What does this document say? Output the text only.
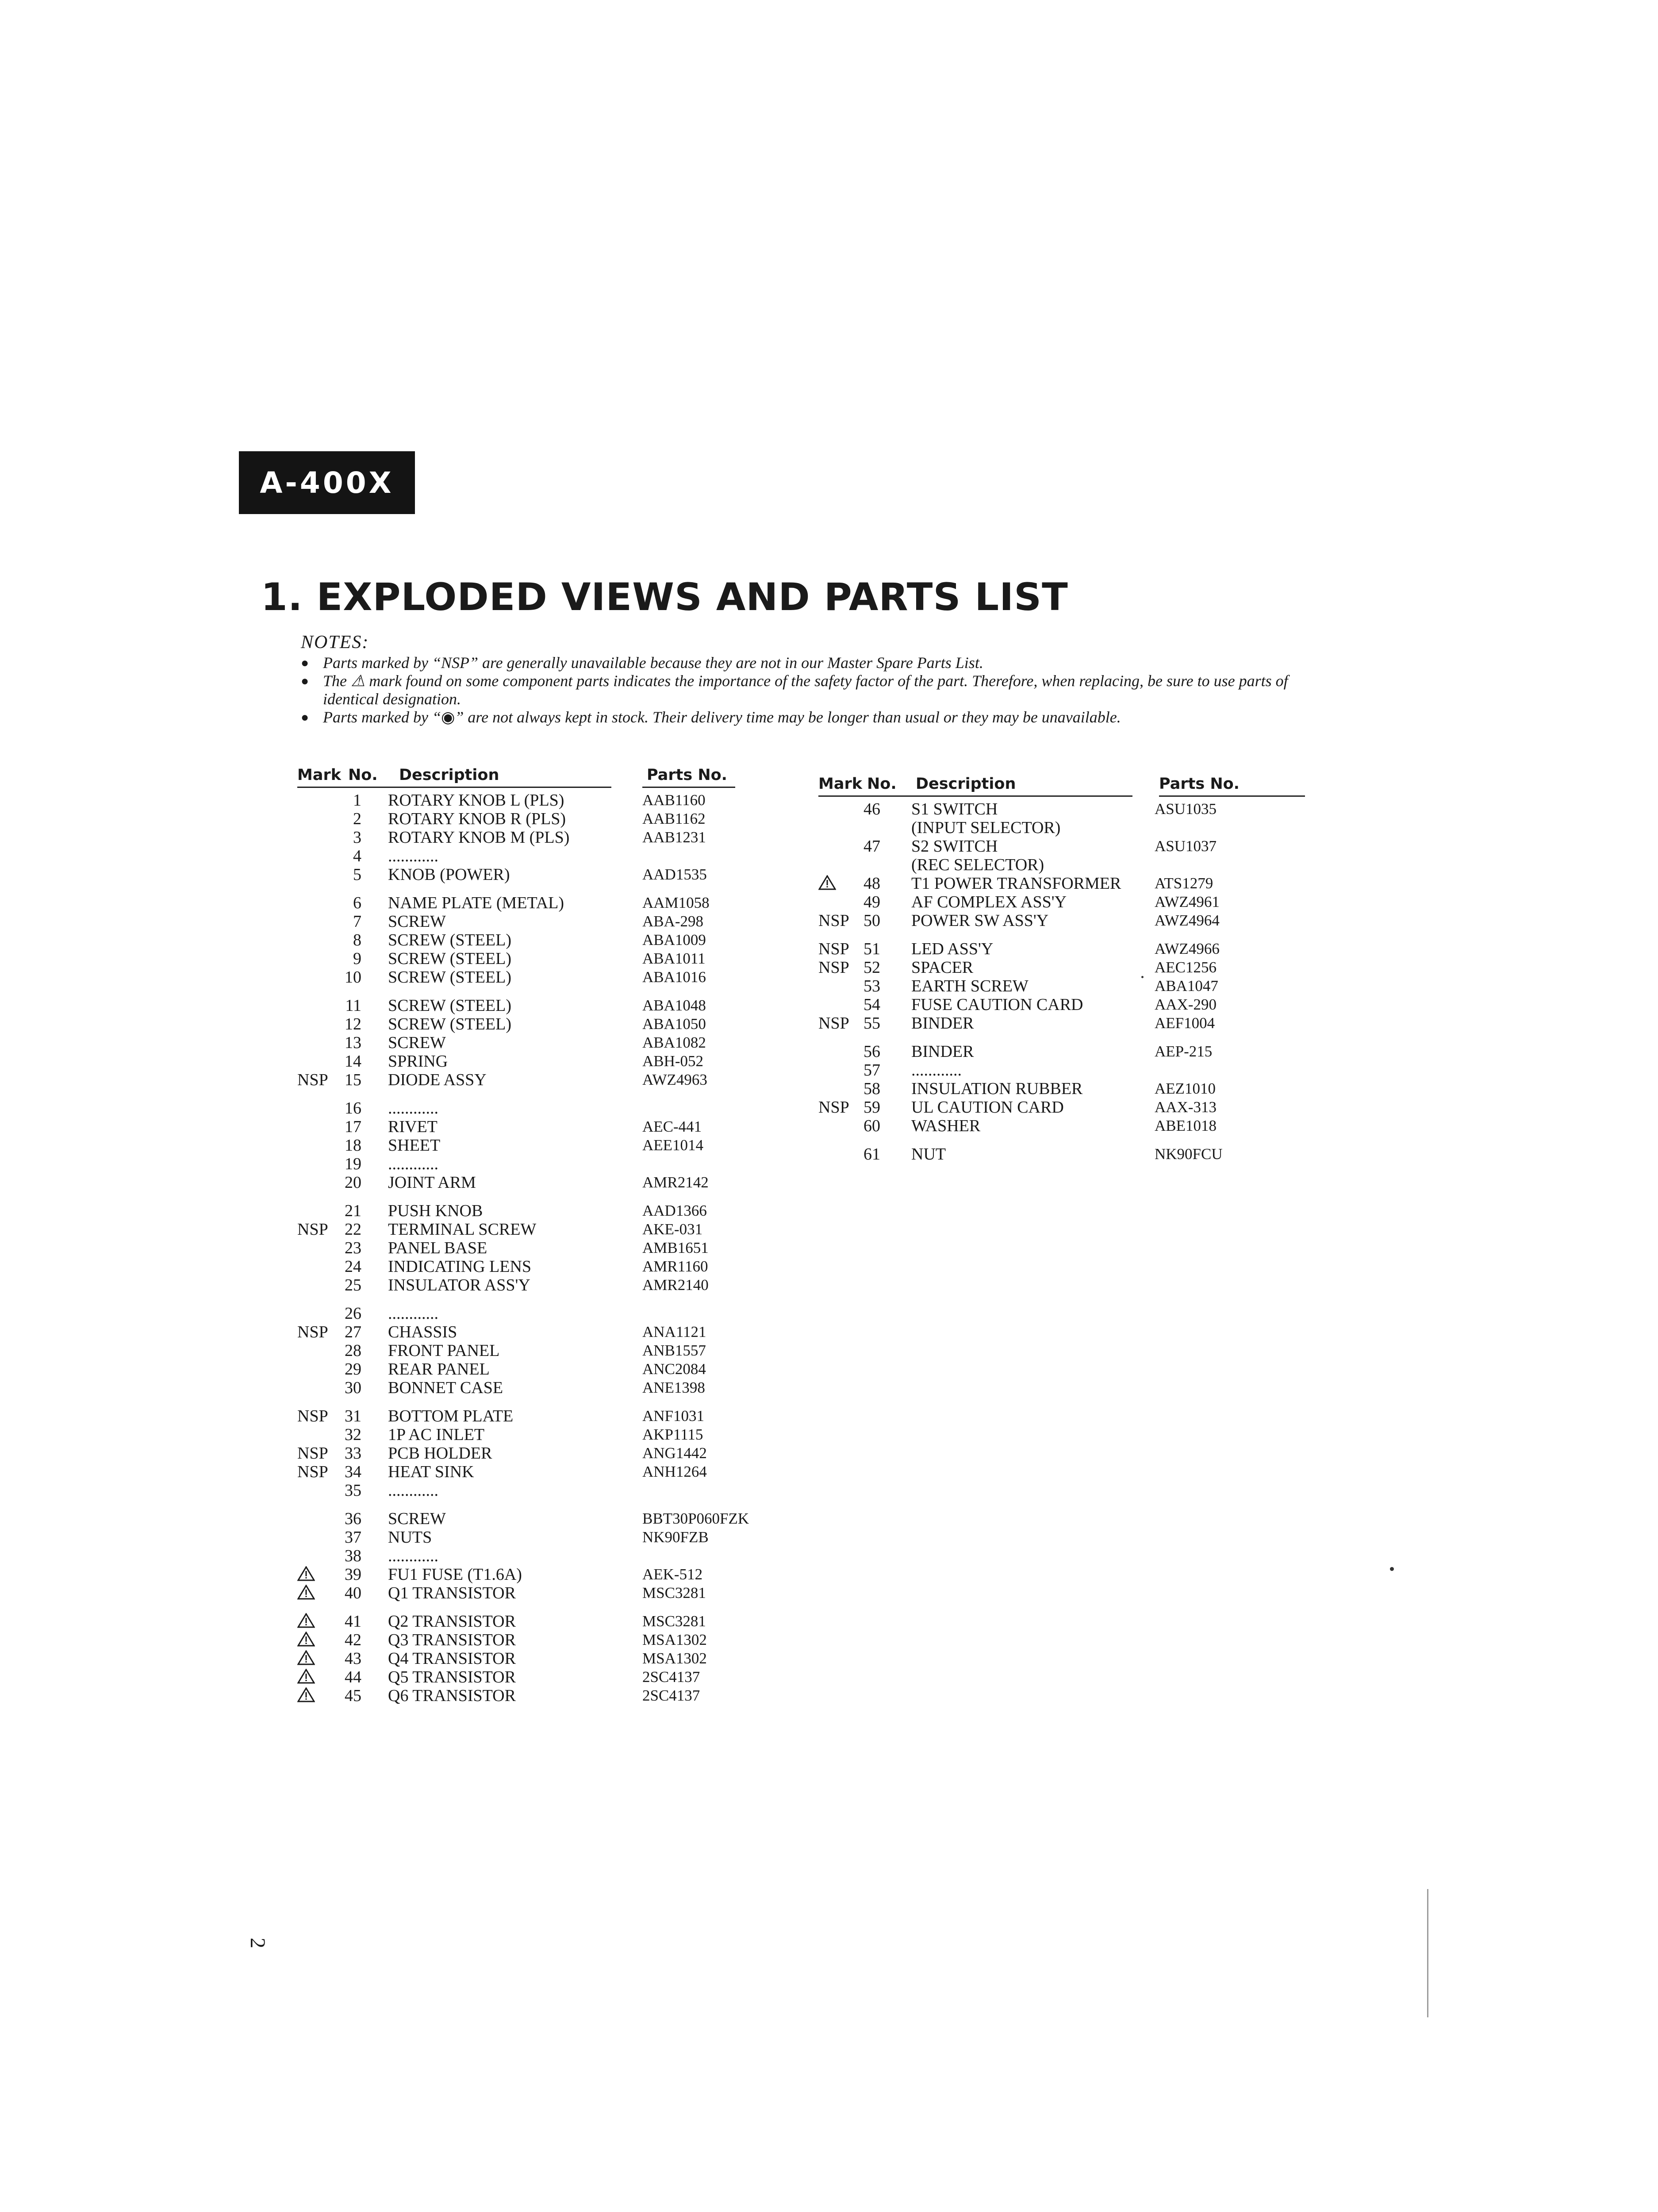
A-400X
1. EXPLODED VIEWS AND PARTS LIST
NOTES:
● Parts marked by “NSP” are generally unavailable because they are not in our Master Spare Parts List.
● The ⚠ mark found on some component parts indicates the importance of the safety factor of the part. Therefore, when replacing, be sure to use parts of identical designation.
● Parts marked by “◉” are not always kept in stock. Their delivery time may be longer than usual or they may be unavailable.
Mark No. Description	Parts No.
1 ROTARY KNOB L (PLS)	AAB1160
2 ROTARY KNOB R (PLS)	AAB1162
3 ROTARY KNOB M (PLS)	AAB1231
4 ............
5 KNOB (POWER)	AAD1535
6 NAME PLATE (METAL)	AAM1058
7 SCREW	ABA-298
8 SCREW (STEEL)	ABA1009
9 SCREW (STEEL)	ABA1011
10 SCREW (STEEL)	ABA1016
11 SCREW (STEEL)	ABA1048
12 SCREW (STEEL)	ABA1050
13 SCREW	ABA1082
14 SPRING	ABH-052
NSP 15 DIODE ASSY	AWZ4963
16 ............
17 RIVET	AEC-441
18 SHEET	AEE1014
19 ............
20 JOINT ARM	AMR2142
21 PUSH KNOB	AAD1366
NSP 22 TERMINAL SCREW	AKE-031
23 PANEL BASE	AMB1651
24 INDICATING LENS	AMR1160
25 INSULATOR ASS'Y	AMR2140
26 ............
NSP 27 CHASSIS	ANA1121
28 FRONT PANEL	ANB1557
29 REAR PANEL	ANC2084
30 BONNET CASE	ANE1398
NSP 31 BOTTOM PLATE	ANF1031
32 1P AC INLET	AKP1115
NSP 33 PCB HOLDER	ANG1442
NSP 34 HEAT SINK	ANH1264
35 ............
36 SCREW	BBT30P060FZK
37 NUTS	NK90FZB
38 ............
39 FU1 FUSE (T1.6A)	AEK-512
40 Q1 TRANSISTOR	MSC3281
41 Q2 TRANSISTOR	MSC3281
42 Q3 TRANSISTOR	MSA1302
43 Q4 TRANSISTOR	MSA1302
44 Q5 TRANSISTOR	2SC4137
45 Q6 TRANSISTOR	2SC4137
Mark No. Description	Parts No.
46 S1 SWITCH	ASU1035
(INPUT SELECTOR)
47 S2 SWITCH	ASU1037
(REC SELECTOR)
48 T1 POWER TRANSFORMER ATS1279
49 AF COMPLEX ASS'Y	AWZ4961
NSP 50 POWER SW ASS'Y	AWZ4964
NSP 51 LED ASS'Y	AWZ4966
NSP 52 SPACER	AEC1256
53 EARTH SCREW	ABA1047
54 FUSE CAUTION CARD	AAX-290
NSP 55 BINDER	AEF1004
56 BINDER	AEP-215
57 ............
58 INSULATION RUBBER	AEZ1010
NSP 59 UL CAUTION CARD	AAX-313
60 WASHER	ABE1018
61 NUT	NK90FCU
2
